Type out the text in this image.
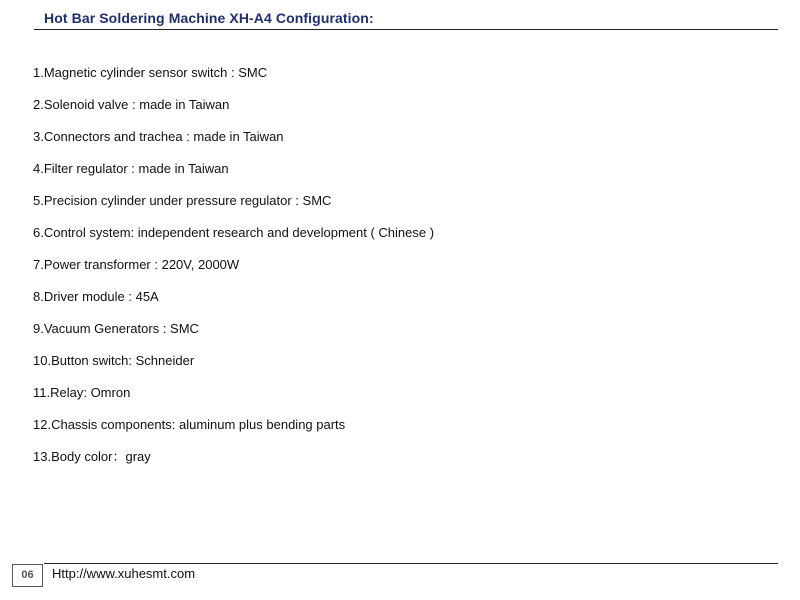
Hot Bar Soldering Machine XH-A4 Configuration:
1.Magnetic cylinder sensor switch : SMC
2.Solenoid valve : made in Taiwan
3.Connectors and trachea : made in Taiwan
4.Filter regulator : made in Taiwan
5.Precision cylinder under pressure regulator : SMC
6.Control system: independent research and development ( Chinese )
7.Power transformer : 220V, 2000W
8.Driver module : 45A
9.Vacuum Generators : SMC
10.Button switch: Schneider
11.Relay: Omron
12.Chassis components: aluminum plus bending parts
13.Body color：gray
06	Http://www.xuhesmt.com
